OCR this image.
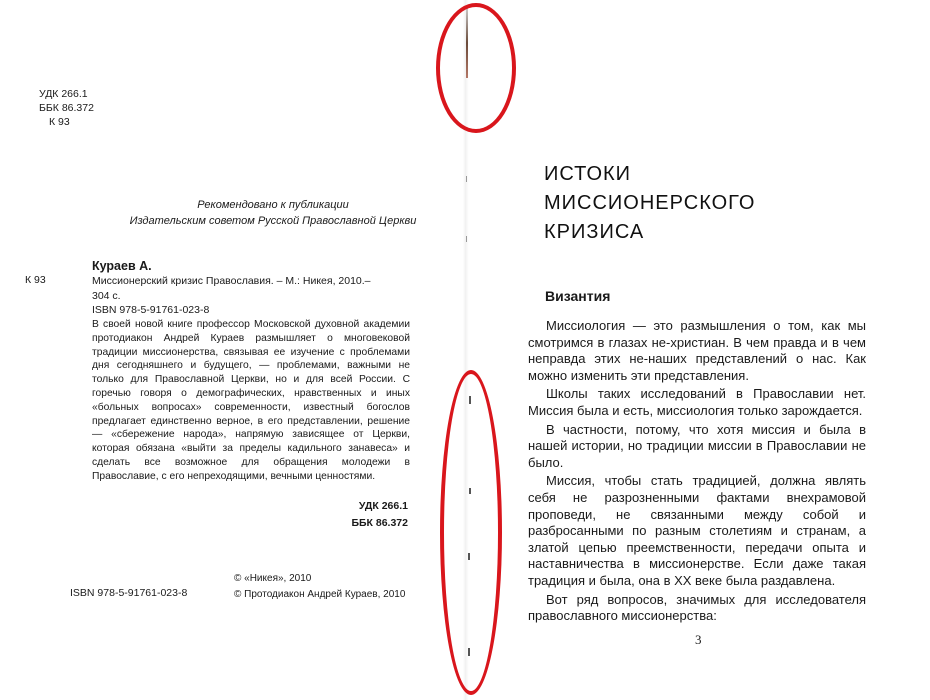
УДК 266.1
ББК 86.372
К 93
Рекомендовано к публикации
Издательским советом Русской Православной Церкви
Кураев А.
К 93	Миссионерский кризис Православия. – М.: Никея, 2010.–
304 с.
ISBN 978-5-91761-023-8
В своей новой книге профессор Московской духовной академии протодиакон Андрей Кураев размышляет о многовековой традиции миссионерства, связывая ее изучение с проблемами дня сегодняшнего и будущего, — проблемами, важными не только для Православной Церкви, но и для всей России. С горечью говоря о демографических, нравственных и иных «больных вопросах» современности, известный богослов предлагает единственно верное, в его представлении, решение — «сбережение народа», напрямую зависящее от Церкви, которая обязана «выйти за пределы кадильного занавеса» и сделать все возможное для обращения молодежи в Православие, с его непреходящими, вечными ценностями.
УДК 266.1
ББК 86.372
ISBN 978-5-91761-023-8
© «Никея», 2010
© Протодиакон Андрей Кураев, 2010
ИСТОКИ
МИССИОНЕРСКОГО
КРИЗИСА
Византия

Миссиология — это размышления о том, как мы смотримся в глазах не-христиан. В чем правда и в чем неправда этих не-наших представлений о нас. Как можно изменить эти представления.

Школы таких исследований в Православии нет. Миссия была и есть, миссиология только зарождается.

В частности, потому, что хотя миссия и была в нашей истории, но традиции миссии в Православии не было.

Миссия, чтобы стать традицией, должна являть себя не разрозненными фактами внехрамовой проповеди, не связанными между собой и разбросанными по разным столетиям и странам, а златой цепью преемственности, передачи опыта и наставничества в миссионерстве. Если даже такая традиция и была, она в XX веке была раздавлена.

Вот ряд вопросов, значимых для исследователя православного миссионерства:

3
